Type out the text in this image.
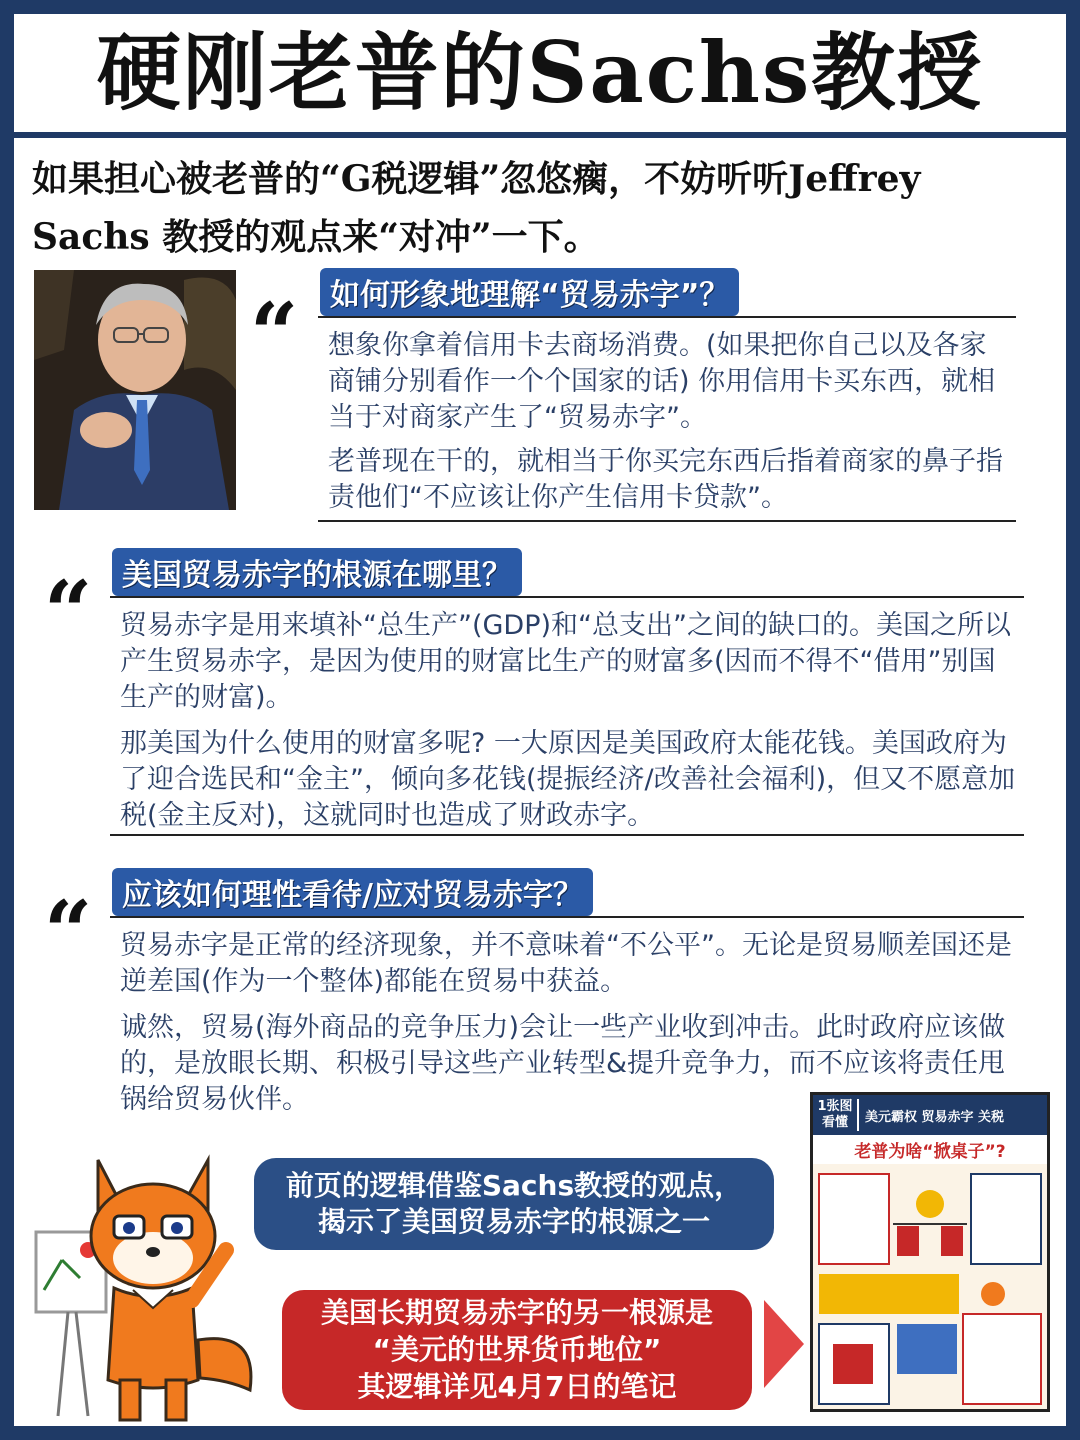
硬刚老普的Sachs教授
如果担心被老普的“G税逻辑”忽悠瘸，不妨听听Jeffrey Sachs 教授的观点来“对冲”一下。
“	如何形象地理解“贸易赤字”？
想象你拿着信用卡去商场消费。(如果把你自己以及各家商铺分别看作一个个国家的话) 你用信用卡买东西，就相当于对商家产生了“贸易赤字”。
老普现在干的，就相当于你买完东西后指着商家的鼻子指责他们“不应该让你产生信用卡贷款”。
“ 美国贸易赤字的根源在哪里？
贸易赤字是用来填补“总生产”(GDP)和“总支出”之间的缺口的。美国之所以产生贸易赤字，是因为使用的财富比生产的财富多(因而不得不“借用”别国生产的财富)。
那美国为什么使用的财富多呢? 一大原因是美国政府太能花钱。美国政府为了迎合选民和“金主”，倾向多花钱(提振经济/改善社会福利)，但又不愿意加税(金主反对)，这就同时也造成了财政赤字。
“ 应该如何理性看待/应对贸易赤字？
贸易赤字是正常的经济现象，并不意味着“不公平”。无论是贸易顺差国还是逆差国(作为一个整体)都能在贸易中获益。
诚然，贸易(海外商品的竞争压力)会让一些产业收到冲击。此时政府应该做的，是放眼长期、积极引导这些产业转型&提升竞争力，而不应该将责任甩锅给贸易伙伴。
前页的逻辑借鉴Sachs教授的观点，
揭示了美国贸易赤字的根源之一
美国长期贸易赤字的另一根源是
“美元的世界货币地位”
其逻辑详见4月7日的笔记
1张图
看懂	美元霸权 贸易赤字 关税
老普为啥“掀桌子”?
